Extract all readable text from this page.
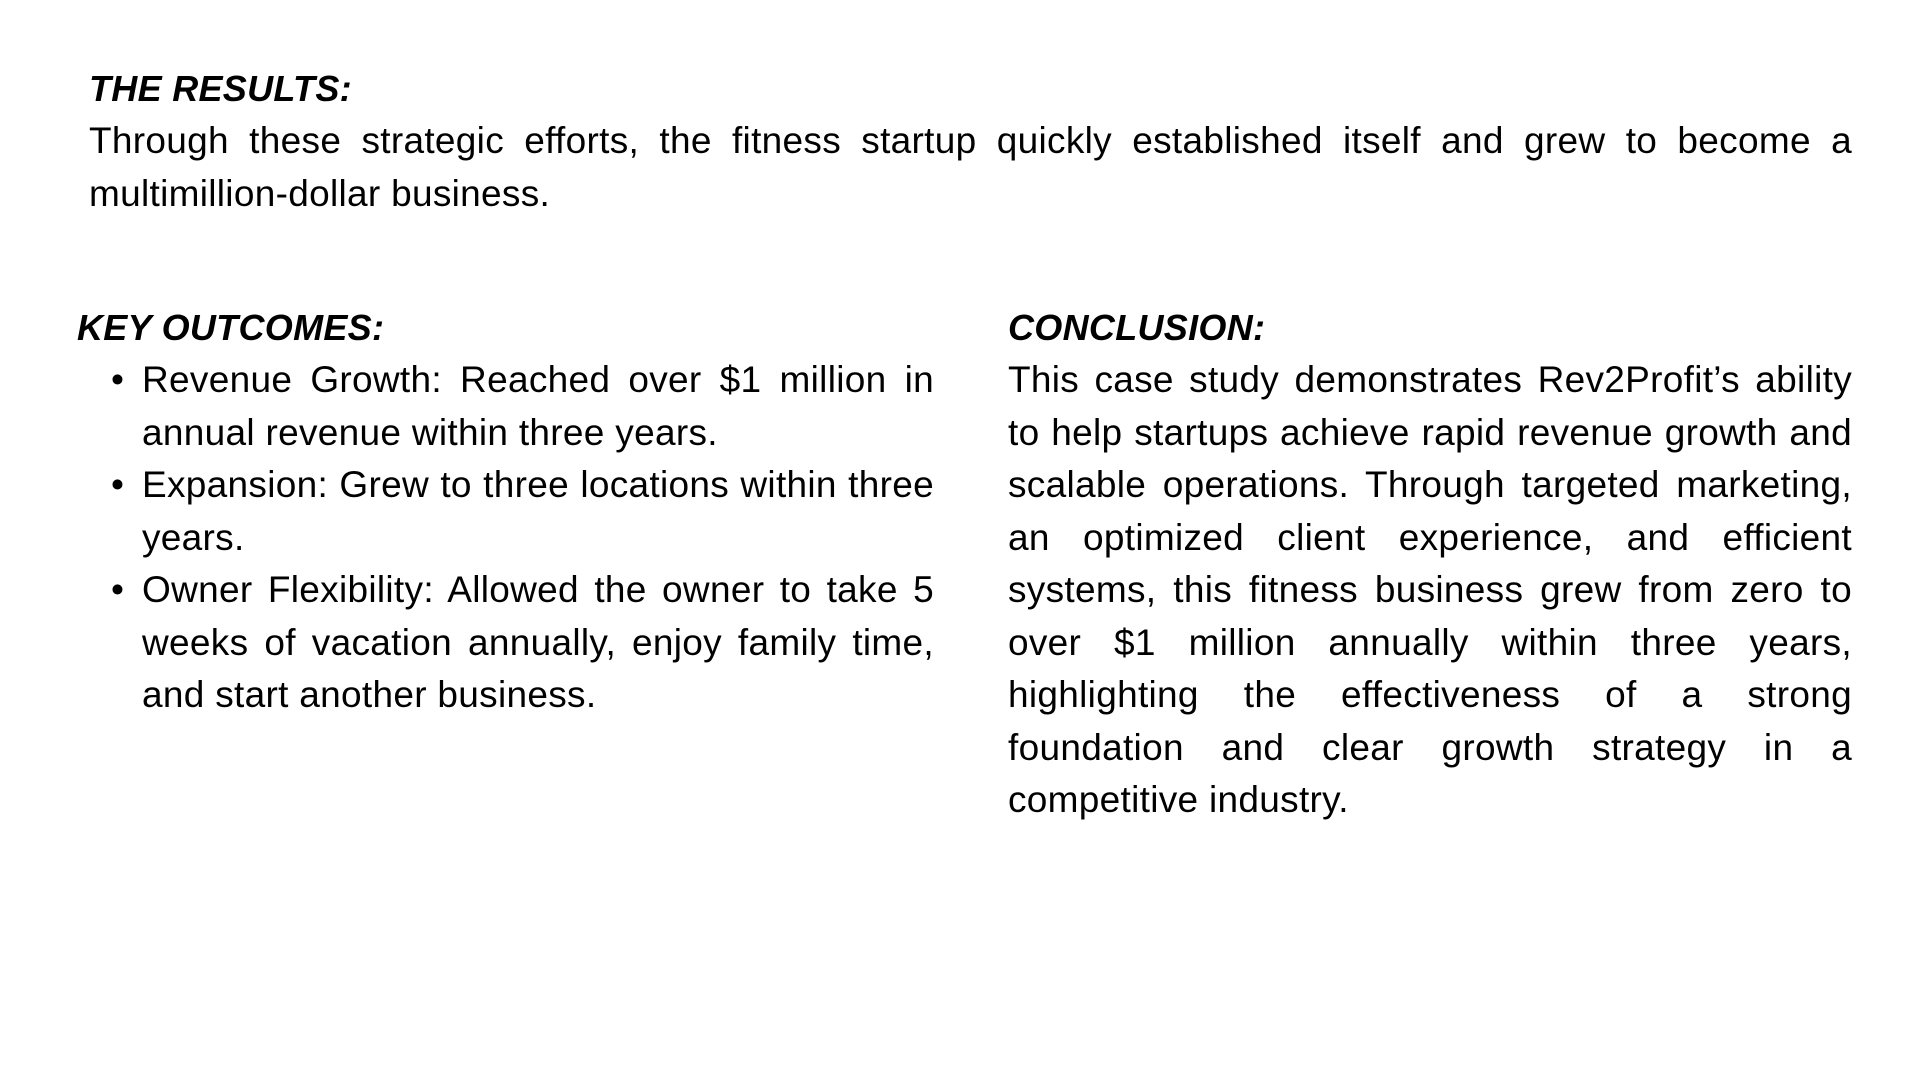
THE RESULTS:

Through these strategic efforts, the fitness startup quickly established itself and grew to become a multimillion-dollar business.

KEY OUTCOMES:
• Revenue Growth: Reached over $1 million in annual revenue within three years.
• Expansion: Grew to three locations within three years.
• Owner Flexibility: Allowed the owner to take 5 weeks of vacation annually, enjoy family time, and start another business.
CONCLUSION:

This case study demonstrates Rev2Profit’s ability to help startups achieve rapid revenue growth and scalable operations. Through targeted marketing, an optimized client experience, and efficient systems, this fitness business grew from zero to over $1 million annually within three years, highlighting the effectiveness of a strong foundation and clear growth strategy in a competitive industry.
